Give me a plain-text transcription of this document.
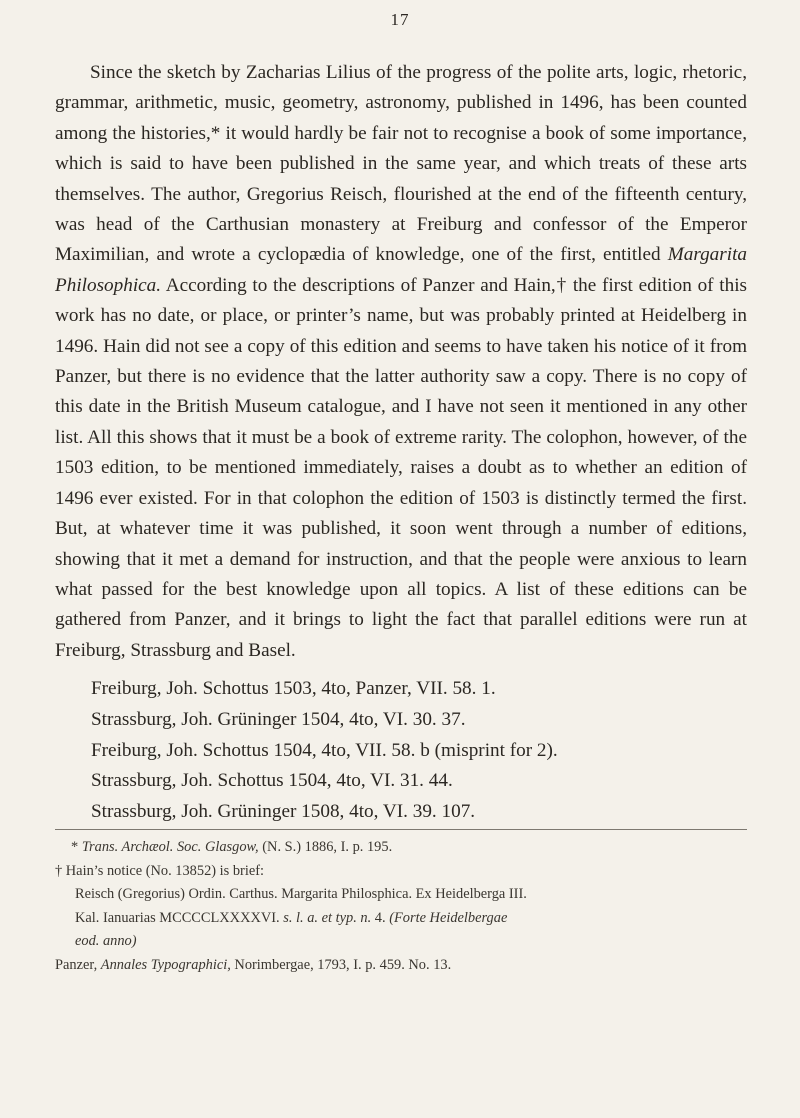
17

Since the sketch by Zacharias Lilius of the progress of the polite arts, logic, rhetoric, grammar, arithmetic, music, geometry, astronomy, published in 1496, has been counted among the histories,* it would hardly be fair not to recognise a book of some importance, which is said to have been published in the same year, and which treats of these arts themselves. The author, Gregorius Reisch, flourished at the end of the fifteenth century, was head of the Carthusian monastery at Freiburg and confessor of the Emperor Maximilian, and wrote a cyclopædia of knowledge, one of the first, entitled Margarita Philosophica. According to the descriptions of Panzer and Hain,† the first edition of this work has no date, or place, or printer’s name, but was probably printed at Heidelberg in 1496. Hain did not see a copy of this edition and seems to have taken his notice of it from Panzer, but there is no evidence that the latter authority saw a copy. There is no copy of this date in the British Museum catalogue, and I have not seen it mentioned in any other list. All this shows that it must be a book of extreme rarity. The colophon, however, of the 1503 edition, to be mentioned immediately, raises a doubt as to whether an edition of 1496 ever existed. For in that colophon the edition of 1503 is distinctly termed the first. But, at whatever time it was published, it soon went through a number of editions, showing that it met a demand for instruction, and that the people were anxious to learn what passed for the best knowledge upon all topics. A list of these editions can be gathered from Panzer, and it brings to light the fact that parallel editions were run at Freiburg, Strassburg and Basel.

Freiburg, Joh. Schottus 1503, 4to, Panzer, VII. 58. 1.
Strassburg, Joh. Grüninger 1504, 4to, VI. 30. 37.
Freiburg, Joh. Schottus 1504, 4to, VII. 58. b (misprint for 2).
Strassburg, Joh. Schottus 1504, 4to, VI. 31. 44.
Strassburg, Joh. Grüninger 1508, 4to, VI. 39. 107.
* Trans. Archæol. Soc. Glasgow, (N. S.) 1886, I. p. 195.
† Hain’s notice (No. 13852) is brief:
Reisch (Gregorius) Ordin. Carthus. Margarita Philosphica. Ex Heidelberga III.
Kal. Ianuarias MCCCCLXXXXVI. s. l. a. et typ. n. 4. (Forte Heidelbergae
eod. anno)
Panzer, Annales Typographici, Norimbergae, 1793, I. p. 459. No. 13.
